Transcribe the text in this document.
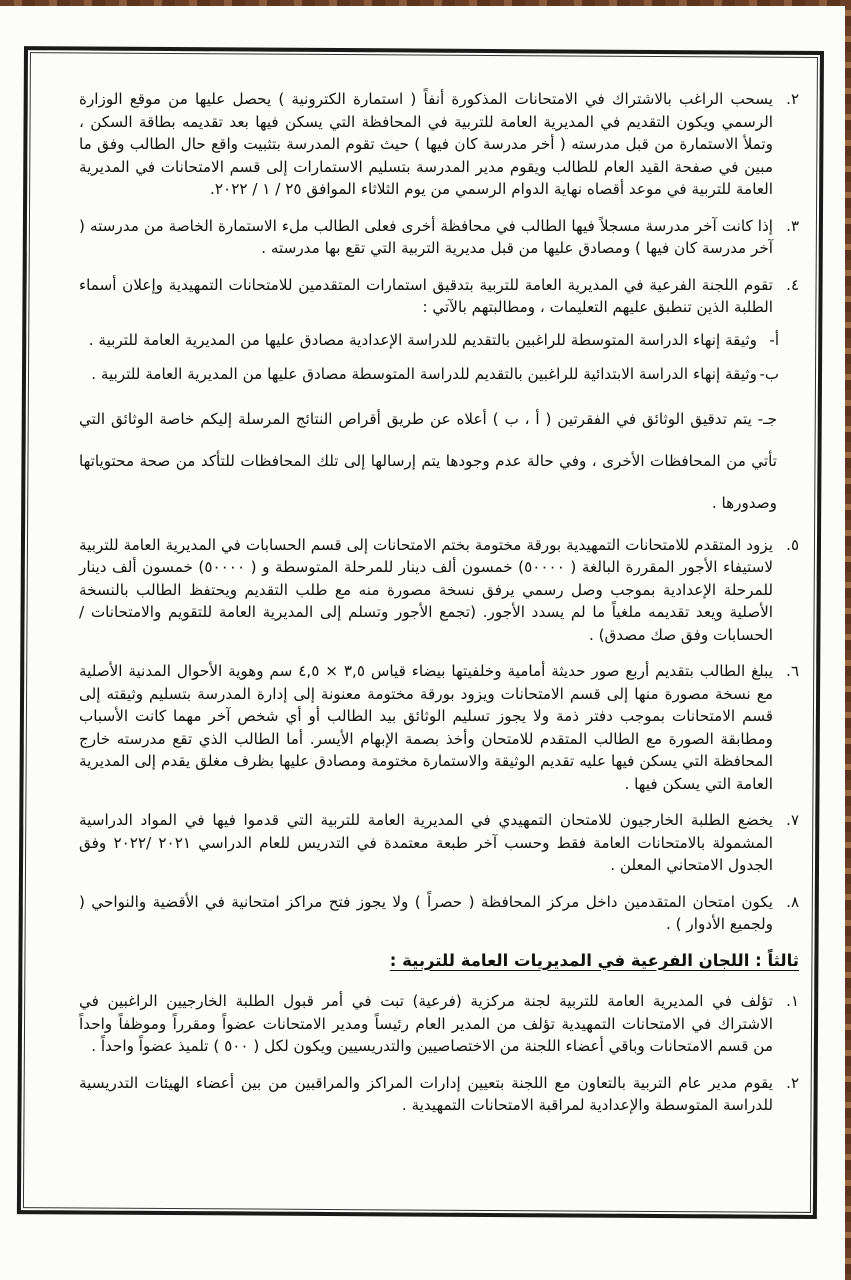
٢.
يسحب الراغب بالاشتراك في الامتحانات المذكورة أنفاً ( استمارة الكترونية ) يحصل عليها من موقع الوزارة الرسمي ويكون التقديم في المديرية العامة للتربية في المحافظة التي يسكن فيها بعد تقديمه بطاقة السكن ، وتملأ الاستمارة من قبل مدرسته ( أخر مدرسة كان فيها ) حيث تقوم المدرسة بتثبيت واقع حال الطالب وفق ما مبين في صفحة القيد العام للطالب ويقوم مدير المدرسة بتسليم الاستمارات إلى قسم الامتحانات في المديرية العامة للتربية في موعد أقصاه نهاية الدوام الرسمي من يوم الثلاثاء الموافق ٢٥ / ١ / ٢٠٢٢.
٣.
إذا كانت آخر مدرسة مسجلاً فيها الطالب في محافظة أخرى فعلى الطالب ملء الاستمارة الخاصة من مدرسته ( آخر مدرسة كان فيها ) ومصادق عليها من قبل مديرية التربية التي تقع بها مدرسته .
٤.
تقوم اللجنة الفرعية في المديرية العامة للتربية بتدقيق استمارات المتقدمين للامتحانات التمهيدية وإعلان أسماء الطلبة الذين تنطبق عليهم التعليمات ، ومطالبتهم بالآتي :
أ-
وثيقة إنهاء الدراسة المتوسطة للراغبين بالتقديم للدراسة الإعدادية مصادق عليها من المديرية العامة للتربية .
ب-
وثيقة إنهاء الدراسة الابتدائية للراغبين بالتقديم للدراسة المتوسطة مصادق عليها من المديرية العامة للتربية .
جـ- يتم تدقيق الوثائق في الفقرتين ( أ ، ب ) أعلاه عن طريق أقراص النتائج المرسلة إليكم خاصة الوثائق التي تأتي من المحافظات الأخرى ، وفي حالة عدم وجودها يتم إرسالها إلى تلك المحافظات للتأكد من صحة محتوياتها وصدورها .
٥.
يزود المتقدم للامتحانات التمهيدية بورقة مختومة بختم الامتحانات إلى قسم الحسابات في المديرية العامة للتربية لاستيفاء الأجور المقررة البالغة ( ٥٠٠٠٠) خمسون ألف دينار للمرحلة المتوسطة و ( ٥٠٠٠٠) خمسون ألف دينار للمرحلة الإعدادية بموجب وصل رسمي يرفق نسخة مصورة منه مع طلب التقديم ويحتفظ الطالب بالنسخة الأصلية ويعد تقديمه ملغياً ما لم يسدد الأجور. (تجمع الأجور وتسلم إلى المديرية العامة للتقويم والامتحانات / الحسابات وفق صك مصدق) .
٦.
يبلغ الطالب بتقديم أربع صور حديثة أمامية وخلفيتها بيضاء قياس ٣,٥ × ٤,٥ سم وهوية الأحوال المدنية الأصلية مع نسخة مصورة منها إلى قسم الامتحانات ويزود بورقة مختومة معنونة إلى إدارة المدرسة بتسليم وثيقته إلى قسم الامتحانات بموجب دفتر ذمة ولا يجوز تسليم الوثائق بيد الطالب أو أي شخص آخر مهما كانت الأسباب ومطابقة الصورة مع الطالب المتقدم للامتحان وأخذ بصمة الإبهام الأيسر. أما الطالب الذي تقع مدرسته خارج المحافظة التي يسكن فيها عليه تقديم الوثيقة والاستمارة مختومة ومصادق عليها بظرف مغلق يقدم إلى المديرية العامة التي يسكن فيها .
٧.
يخضع الطلبة الخارجيون للامتحان التمهيدي في المديرية العامة للتربية التي قدموا فيها في المواد الدراسية المشمولة بالامتحانات العامة فقط وحسب آخر طبعة معتمدة في التدريس للعام الدراسي ٢٠٢١ /٢٠٢٢ وفق الجدول الامتحاني المعلن .
٨.
يكون امتحان المتقدمين داخل مركز المحافظة ( حصراً ) ولا يجوز فتح مراكز امتحانية في الأقضية والنواحي ( ولجميع الأدوار ) .
ثالثاً : اللجان الفرعية في المديريات العامة للتربية :
١.
تؤلف في المديرية العامة للتربية لجنة مركزية (فرعية) تبت في أمر قبول الطلبة الخارجيين الراغبين في الاشتراك في الامتحانات التمهيدية تؤلف من المدير العام رئيساً ومدير الامتحانات عضواً ومقرراً وموظفاً واحداً من قسم الامتحانات وباقي أعضاء اللجنة من الاختصاصيين والتدريسيين ويكون لكل ( ٥٠٠ ) تلميذ عضواً واحداً .
٢.
يقوم مدير عام التربية بالتعاون مع اللجنة بتعيين إدارات المراكز والمراقبين من بين أعضاء الهيئات التدريسية للدراسة المتوسطة والإعدادية لمراقبة الامتحانات التمهيدية .
